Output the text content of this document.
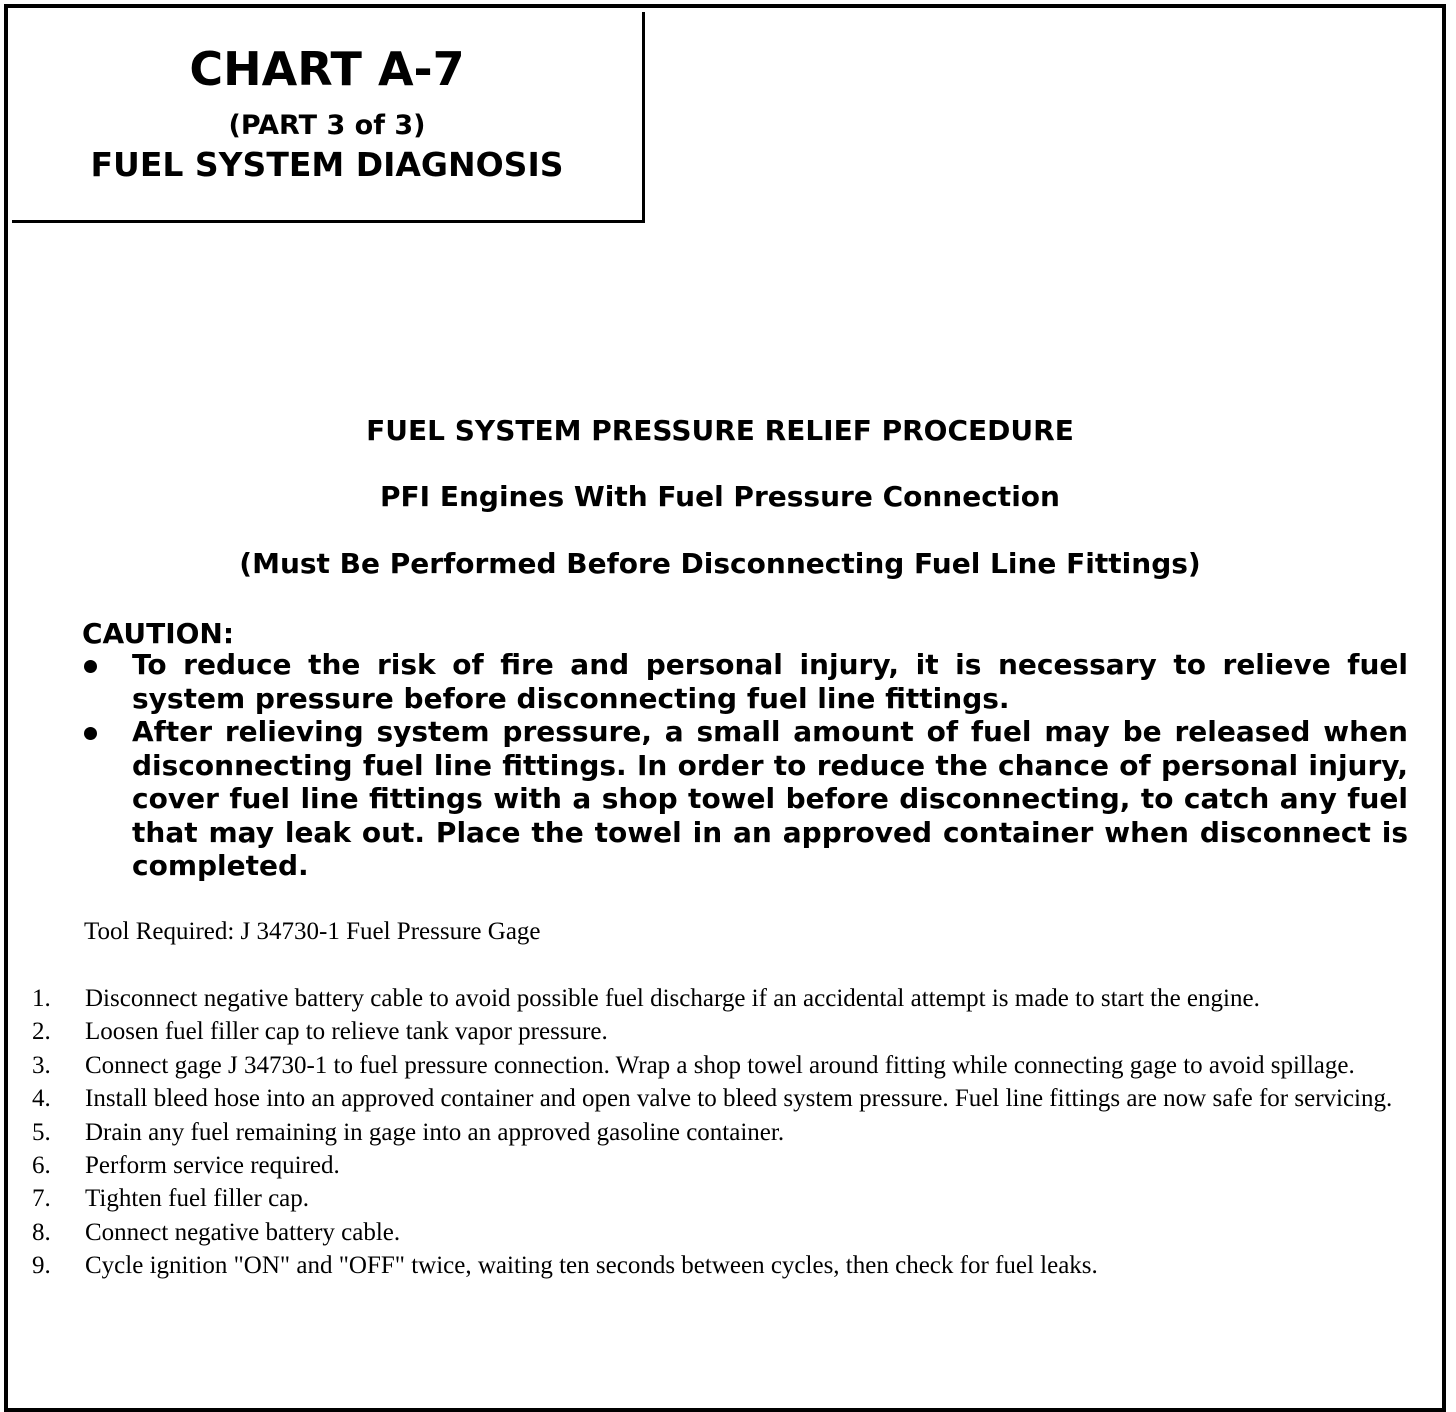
CHART A-7
(PART 3 of 3)
FUEL SYSTEM DIAGNOSIS
FUEL SYSTEM PRESSURE RELIEF PROCEDURE
PFI Engines With Fuel Pressure Connection
(Must Be Performed Before Disconnecting Fuel Line Fittings)
CAUTION:
To reduce the risk of fire and personal injury, it is necessary to relieve fuel system pressure before disconnecting fuel line fittings.
After relieving system pressure, a small amount of fuel may be released when disconnecting fuel line fittings. In order to reduce the chance of personal injury, cover fuel line fittings with a shop towel before disconnecting, to catch any fuel that may leak out. Place the towel in an approved container when disconnect is completed.
Tool Required: J 34730-1 Fuel Pressure Gage
1.	Disconnect negative battery cable to avoid possible fuel discharge if an accidental attempt is made to start the engine.
2.	Loosen fuel filler cap to relieve tank vapor pressure.
3.	Connect gage J 34730-1 to fuel pressure connection. Wrap a shop towel around fitting while connecting gage to avoid spillage.
4.	Install bleed hose into an approved container and open valve to bleed system pressure. Fuel line fittings are now safe for servicing.
5.	Drain any fuel remaining in gage into an approved gasoline container.
6.	Perform service required.
7.	Tighten fuel filler cap.
8.	Connect negative battery cable.
9.	Cycle ignition "ON" and "OFF" twice, waiting ten seconds between cycles, then check for fuel leaks.
